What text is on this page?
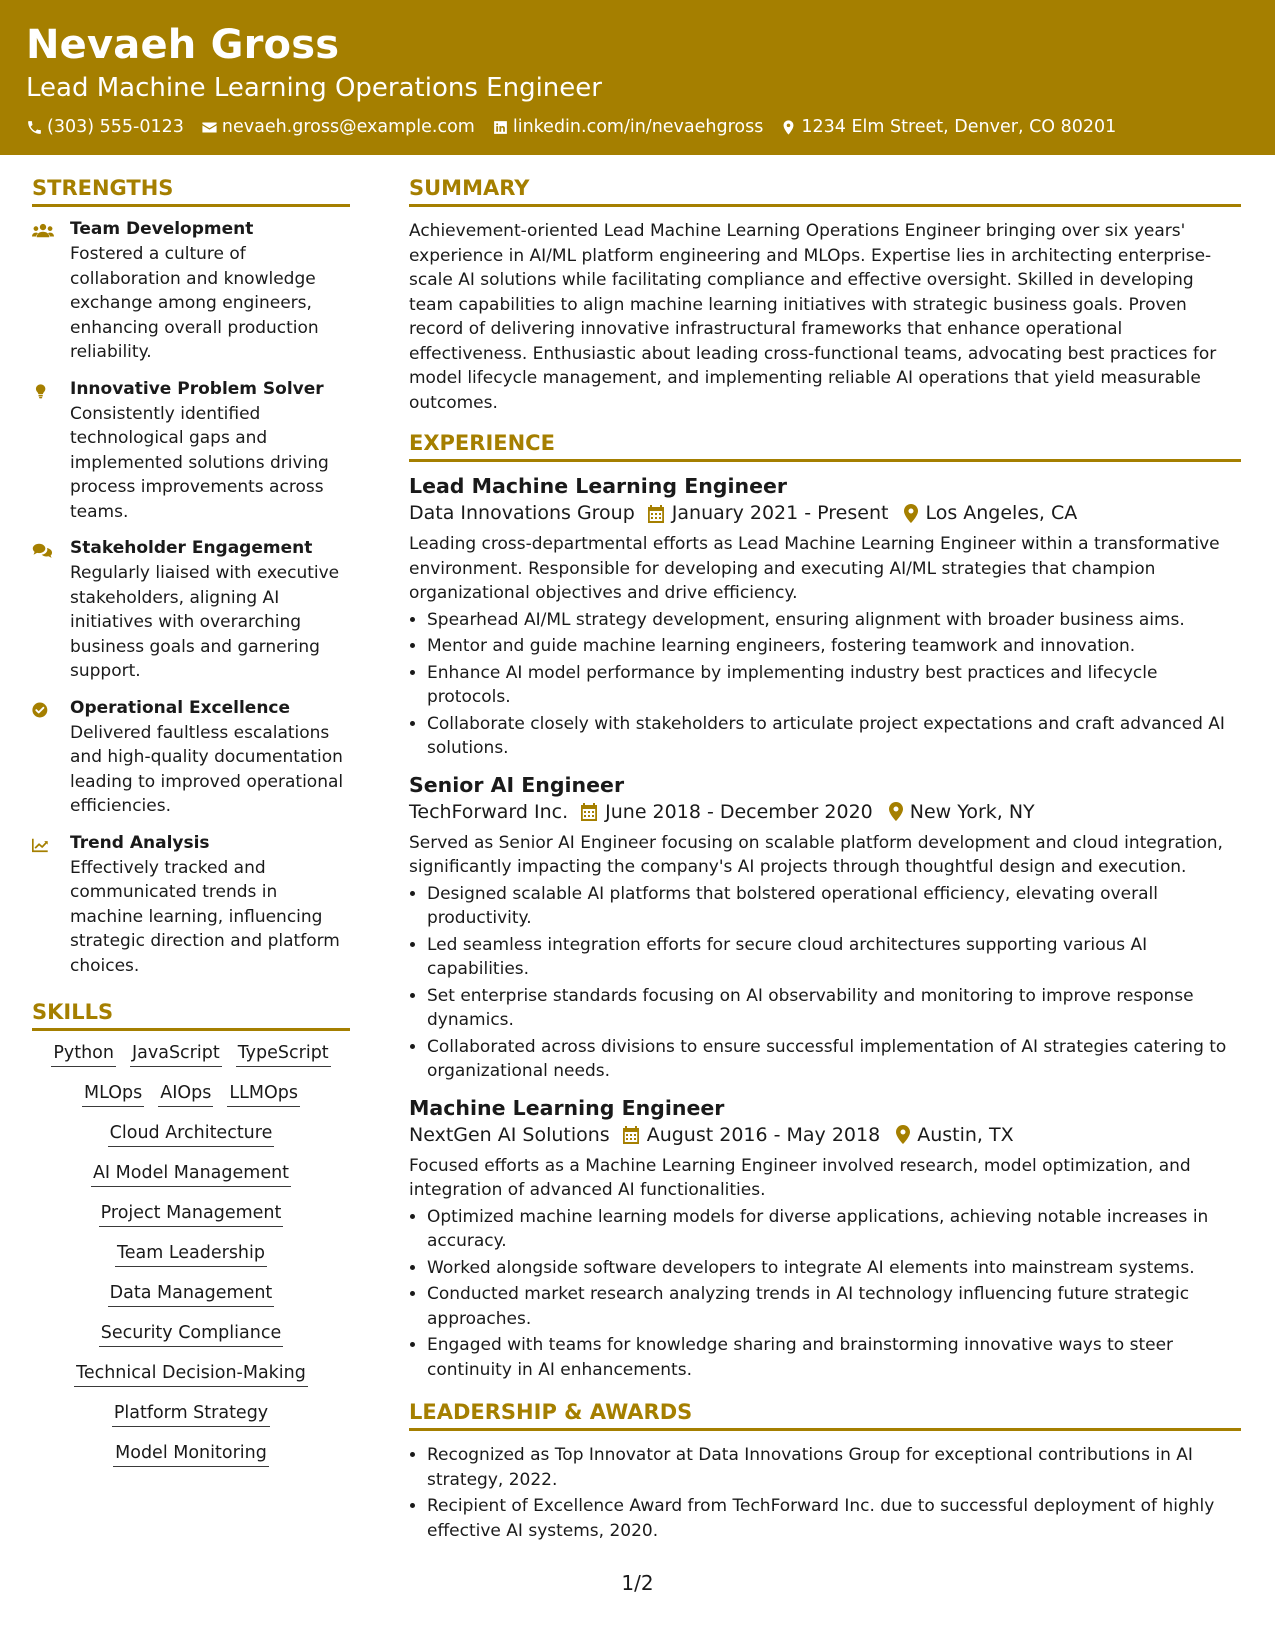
Nevaeh Gross
Lead Machine Learning Operations Engineer
(303) 555-0123 nevaeh.gross@example.com linkedin.com/in/nevaehgross 1234 Elm Street, Denver, CO 80201
STRENGTHS
Team Development
Fostered a culture of collaboration and knowledge exchange among engineers, enhancing overall production reliability.
Innovative Problem Solver
Consistently identified technological gaps and implemented solutions driving process improvements across teams.
Stakeholder Engagement
Regularly liaised with executive stakeholders, aligning AI initiatives with overarching business goals and garnering support.
Operational Excellence
Delivered faultless escalations and high-quality documentation leading to improved operational efficiencies.
Trend Analysis
Effectively tracked and communicated trends in machine learning, influencing strategic direction and platform choices.
SKILLS
Python JavaScript TypeScript
MLOps AIOps LLMOps
Cloud Architecture
AI Model Management
Project Management
Team Leadership
Data Management
Security Compliance
Technical Decision-Making
Platform Strategy
Model Monitoring
SUMMARY
Achievement-oriented Lead Machine Learning Operations Engineer bringing over six years' experience in AI/ML platform engineering and MLOps. Expertise lies in architecting enterprise-scale AI solutions while facilitating compliance and effective oversight. Skilled in developing team capabilities to align machine learning initiatives with strategic business goals. Proven record of delivering innovative infrastructural frameworks that enhance operational effectiveness. Enthusiastic about leading cross-functional teams, advocating best practices for model lifecycle management, and implementing reliable AI operations that yield measurable outcomes.
EXPERIENCE
Lead Machine Learning Engineer
Data Innovations Group January 2021 - Present Los Angeles, CA
Leading cross-departmental efforts as Lead Machine Learning Engineer within a transformative environment. Responsible for developing and executing AI/ML strategies that champion organizational objectives and drive efficiency.
• Spearhead AI/ML strategy development, ensuring alignment with broader business aims.
• Mentor and guide machine learning engineers, fostering teamwork and innovation.
• Enhance AI model performance by implementing industry best practices and lifecycle protocols.
• Collaborate closely with stakeholders to articulate project expectations and craft advanced AI solutions.
Senior AI Engineer
TechForward Inc. June 2018 - December 2020 New York, NY
Served as Senior AI Engineer focusing on scalable platform development and cloud integration, significantly impacting the company's AI projects through thoughtful design and execution.
• Designed scalable AI platforms that bolstered operational efficiency, elevating overall productivity.
• Led seamless integration efforts for secure cloud architectures supporting various AI capabilities.
• Set enterprise standards focusing on AI observability and monitoring to improve response dynamics.
• Collaborated across divisions to ensure successful implementation of AI strategies catering to organizational needs.
Machine Learning Engineer
NextGen AI Solutions August 2016 - May 2018 Austin, TX
Focused efforts as a Machine Learning Engineer involved research, model optimization, and integration of advanced AI functionalities.
• Optimized machine learning models for diverse applications, achieving notable increases in accuracy.
• Worked alongside software developers to integrate AI elements into mainstream systems.
• Conducted market research analyzing trends in AI technology influencing future strategic approaches.
• Engaged with teams for knowledge sharing and brainstorming innovative ways to steer continuity in AI enhancements.
LEADERSHIP & AWARDS
• Recognized as Top Innovator at Data Innovations Group for exceptional contributions in AI strategy, 2022.
• Recipient of Excellence Award from TechForward Inc. due to successful deployment of highly effective AI systems, 2020.
1/2
